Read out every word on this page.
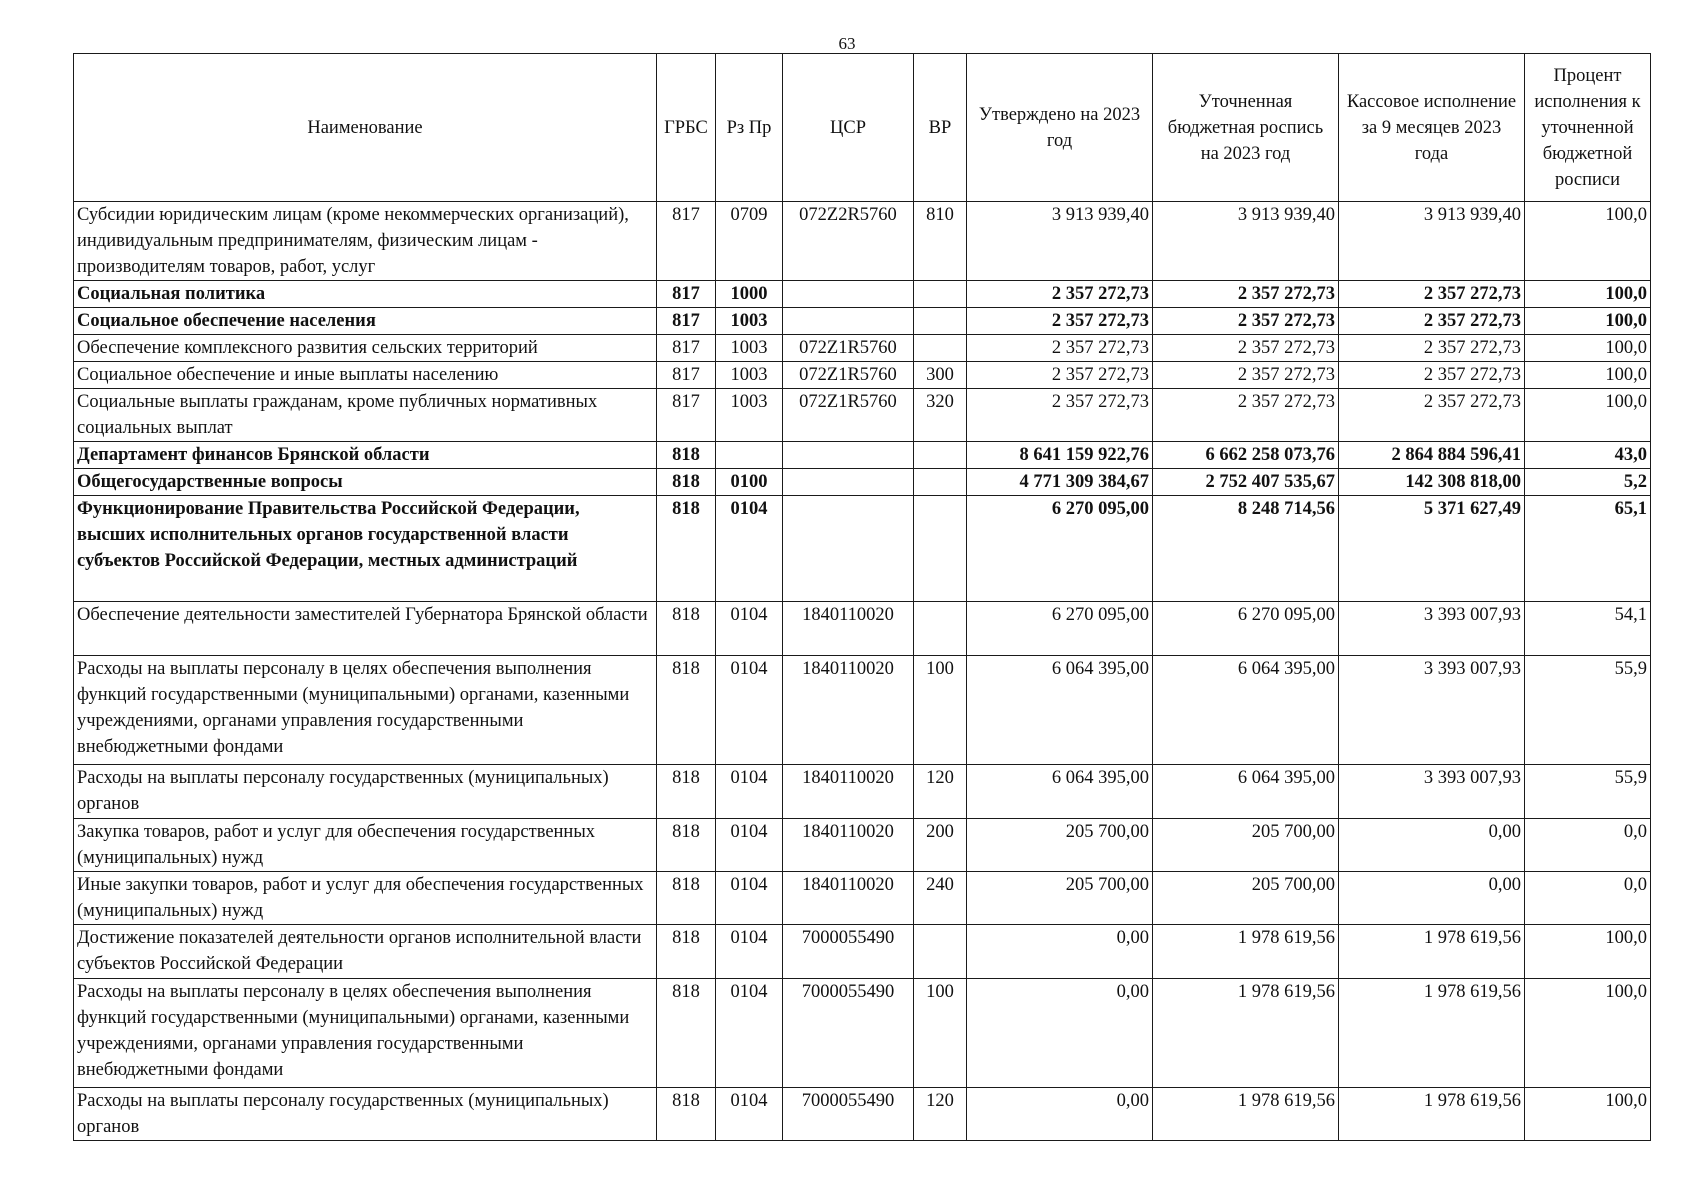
63
Наименование	ГРБС	Рз Пр	ЦСР	ВР	Утверждено на 2023 год	Уточненная бюджетная роспись на 2023 год	Кассовое исполнение за 9 месяцев 2023 года	Процент исполнения к уточненной бюджетной росписи
Субсидии юридическим лицам (кроме некоммерческих организаций), индивидуальным предпринимателям, физическим лицам - производителям товаров, работ, услуг	817	0709	072Z2R5760	810	3 913 939,40	3 913 939,40	3 913 939,40	100,0
Социальная политика	817	1000			2 357 272,73	2 357 272,73	2 357 272,73	100,0
Социальное обеспечение населения	817	1003			2 357 272,73	2 357 272,73	2 357 272,73	100,0
Обеспечение комплексного развития сельских территорий	817	1003	072Z1R5760		2 357 272,73	2 357 272,73	2 357 272,73	100,0
Социальное обеспечение и иные выплаты населению	817	1003	072Z1R5760	300	2 357 272,73	2 357 272,73	2 357 272,73	100,0
Социальные выплаты гражданам, кроме публичных нормативных социальных выплат	817	1003	072Z1R5760	320	2 357 272,73	2 357 272,73	2 357 272,73	100,0
Департамент финансов Брянской области	818				8 641 159 922,76	6 662 258 073,76	2 864 884 596,41	43,0
Общегосударственные вопросы	818	0100			4 771 309 384,67	2 752 407 535,67	142 308 818,00	5,2
Функционирование Правительства Российской Федерации, высших исполнительных органов государственной власти субъектов Российской Федерации, местных администраций	818	0104			6 270 095,00	8 248 714,56	5 371 627,49	65,1
Обеспечение деятельности заместителей Губернатора Брянской области	818	0104	1840110020		6 270 095,00	6 270 095,00	3 393 007,93	54,1
Расходы на выплаты персоналу в целях обеспечения выполнения функций государственными (муниципальными) органами, казенными учреждениями, органами управления государственными внебюджетными фондами	818	0104	1840110020	100	6 064 395,00	6 064 395,00	3 393 007,93	55,9
Расходы на выплаты персоналу государственных (муниципальных) органов	818	0104	1840110020	120	6 064 395,00	6 064 395,00	3 393 007,93	55,9
Закупка товаров, работ и услуг для обеспечения государственных (муниципальных) нужд	818	0104	1840110020	200	205 700,00	205 700,00	0,00	0,0
Иные закупки товаров, работ и услуг для обеспечения государственных (муниципальных) нужд	818	0104	1840110020	240	205 700,00	205 700,00	0,00	0,0
Достижение показателей деятельности органов исполнительной власти субъектов Российской Федерации	818	0104	7000055490		0,00	1 978 619,56	1 978 619,56	100,0
Расходы на выплаты персоналу в целях обеспечения выполнения функций государственными (муниципальными) органами, казенными учреждениями, органами управления государственными внебюджетными фондами	818	0104	7000055490	100	0,00	1 978 619,56	1 978 619,56	100,0
Расходы на выплаты персоналу государственных (муниципальных) органов	818	0104	7000055490	120	0,00	1 978 619,56	1 978 619,56	100,0
